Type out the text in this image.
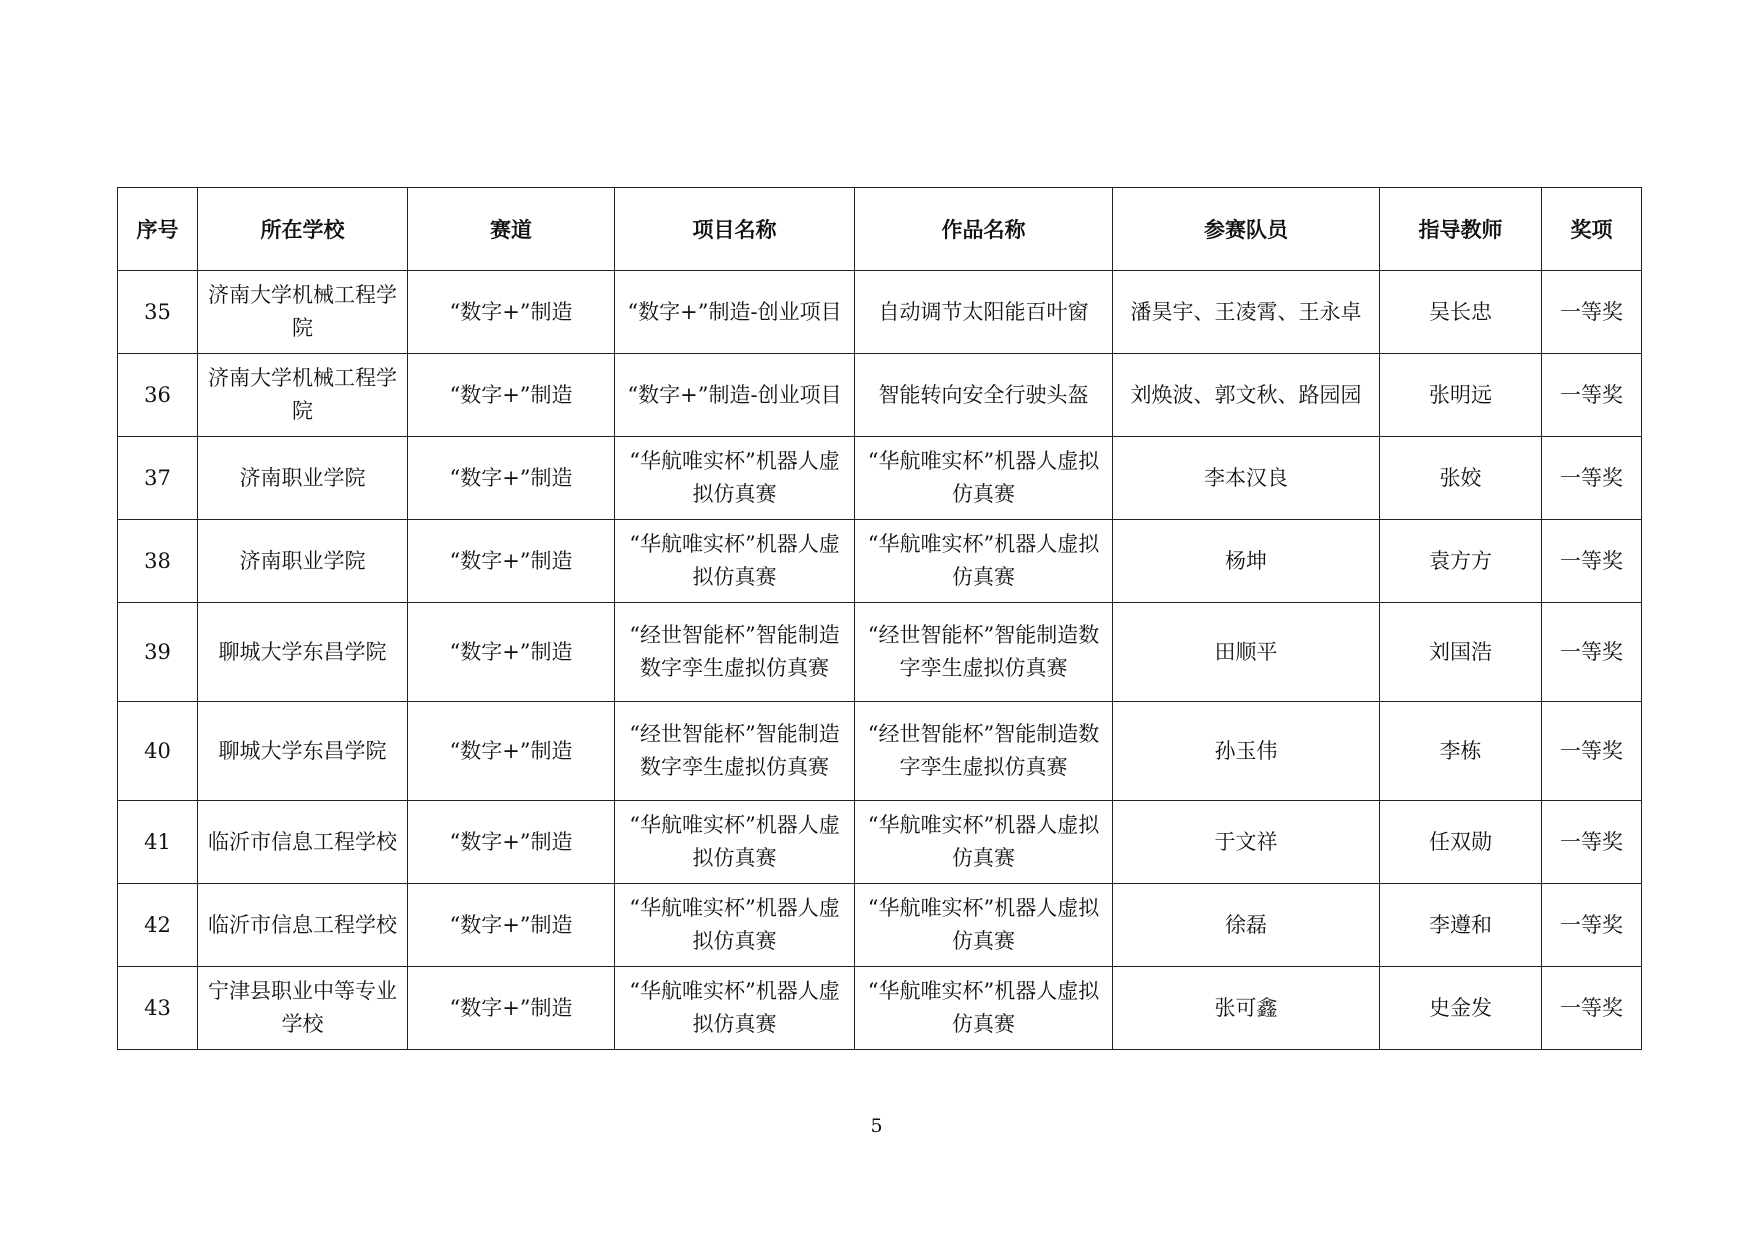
序号	所在学校	赛道	项目名称	作品名称	参赛队员	指导教师	奖项
35	济南大学机械工程学院	“数字+”制造	“数字+”制造-创业项目	自动调节太阳能百叶窗	潘昊宇、王凌霄、王永卓	吴长忠	一等奖
36	济南大学机械工程学院	“数字+”制造	“数字+”制造-创业项目	智能转向安全行驶头盔	刘焕波、郭文秋、路园园	张明远	一等奖
37	济南职业学院	“数字+”制造	“华航唯实杯”机器人虚拟仿真赛	“华航唯实杯”机器人虚拟仿真赛	李本汉良	张姣	一等奖
38	济南职业学院	“数字+”制造	“华航唯实杯”机器人虚拟仿真赛	“华航唯实杯”机器人虚拟仿真赛	杨坤	袁方方	一等奖
39	聊城大学东昌学院	“数字+”制造	“经世智能杯”智能制造数字孪生虚拟仿真赛	“经世智能杯”智能制造数字孪生虚拟仿真赛	田顺平	刘国浩	一等奖
40	聊城大学东昌学院	“数字+”制造	“经世智能杯”智能制造数字孪生虚拟仿真赛	“经世智能杯”智能制造数字孪生虚拟仿真赛	孙玉伟	李栋	一等奖
41	临沂市信息工程学校	“数字+”制造	“华航唯实杯”机器人虚拟仿真赛	“华航唯实杯”机器人虚拟仿真赛	于文祥	任双勋	一等奖
42	临沂市信息工程学校	“数字+”制造	“华航唯实杯”机器人虚拟仿真赛	“华航唯实杯”机器人虚拟仿真赛	徐磊	李遵和	一等奖
43	宁津县职业中等专业学校	“数字+”制造	“华航唯实杯”机器人虚拟仿真赛	“华航唯实杯”机器人虚拟仿真赛	张可鑫	史金发	一等奖
5
